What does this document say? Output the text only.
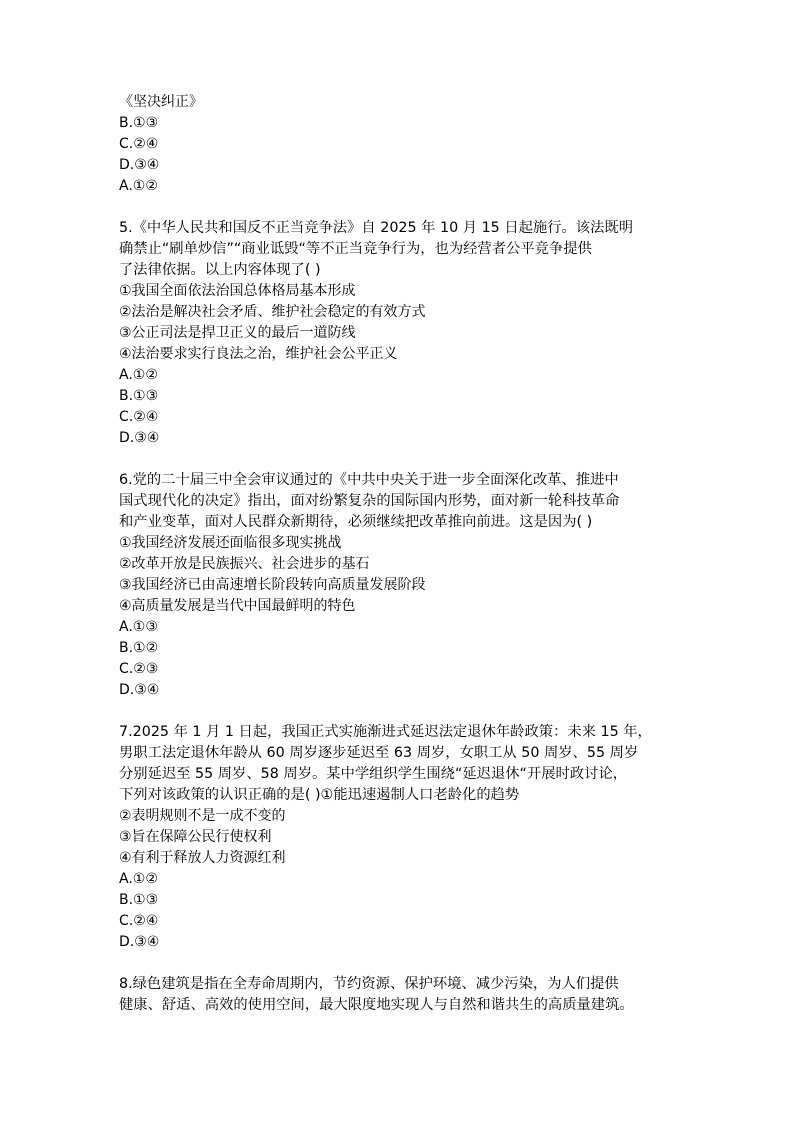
《坚决纠正》
B.①③
C.②④
D.③④
A.①②
5.《中华人民共和国反不正当竞争法》自 2025 年 10 月 15 日起施行。该法既明
确禁止“刷单炒信”“商业诋毁“等不正当竞争行为，也为经营者公平竞争提供
了法律依据。以上内容体现了( )
①我国全面依法治国总体格局基本形成
②法治是解决社会矛盾、维护社会稳定的有效方式
③公正司法是捍卫正义的最后一道防线
④法治要求实行良法之治，维护社会公平正义
A.①②
B.①③
C.②④
D.③④
6.党的二十届三中全会审议通过的《中共中央关于进一步全面深化改革、推进中
国式现代化的决定》指出，面对纷繁复杂的国际国内形势，面对新一轮科技革命
和产业变革，面对人民群众新期待，必须继续把改革推向前进。这是因为( )
①我国经济发展还面临很多现实挑战
②改革开放是民族振兴、社会进步的基石
③我国经济已由高速增长阶段转向高质量发展阶段
④高质量发展是当代中国最鲜明的特色
A.①③
B.①②
C.②③
D.③④
7.2025 年 1 月 1 日起，我国正式实施渐进式延迟法定退休年龄政策：未来 15 年，
男职工法定退休年龄从 60 周岁逐步延迟至 63 周岁，女职工从 50 周岁、55 周岁
分别延迟至 55 周岁、58 周岁。某中学组织学生围绕“延迟退休“开展时政讨论，
下列对该政策的认识正确的是( )①能迅速遏制人口老龄化的趋势
②表明规则不是一成不变的
③旨在保障公民行使权利
④有利于释放人力资源红利
A.①②
B.①③
C.②④
D.③④
8.绿色建筑是指在全寿命周期内，节约资源、保护环境、减少污染，为人们提供
健康、舒适、高效的使用空间，最大限度地实现人与自然和谐共生的高质量建筑。
